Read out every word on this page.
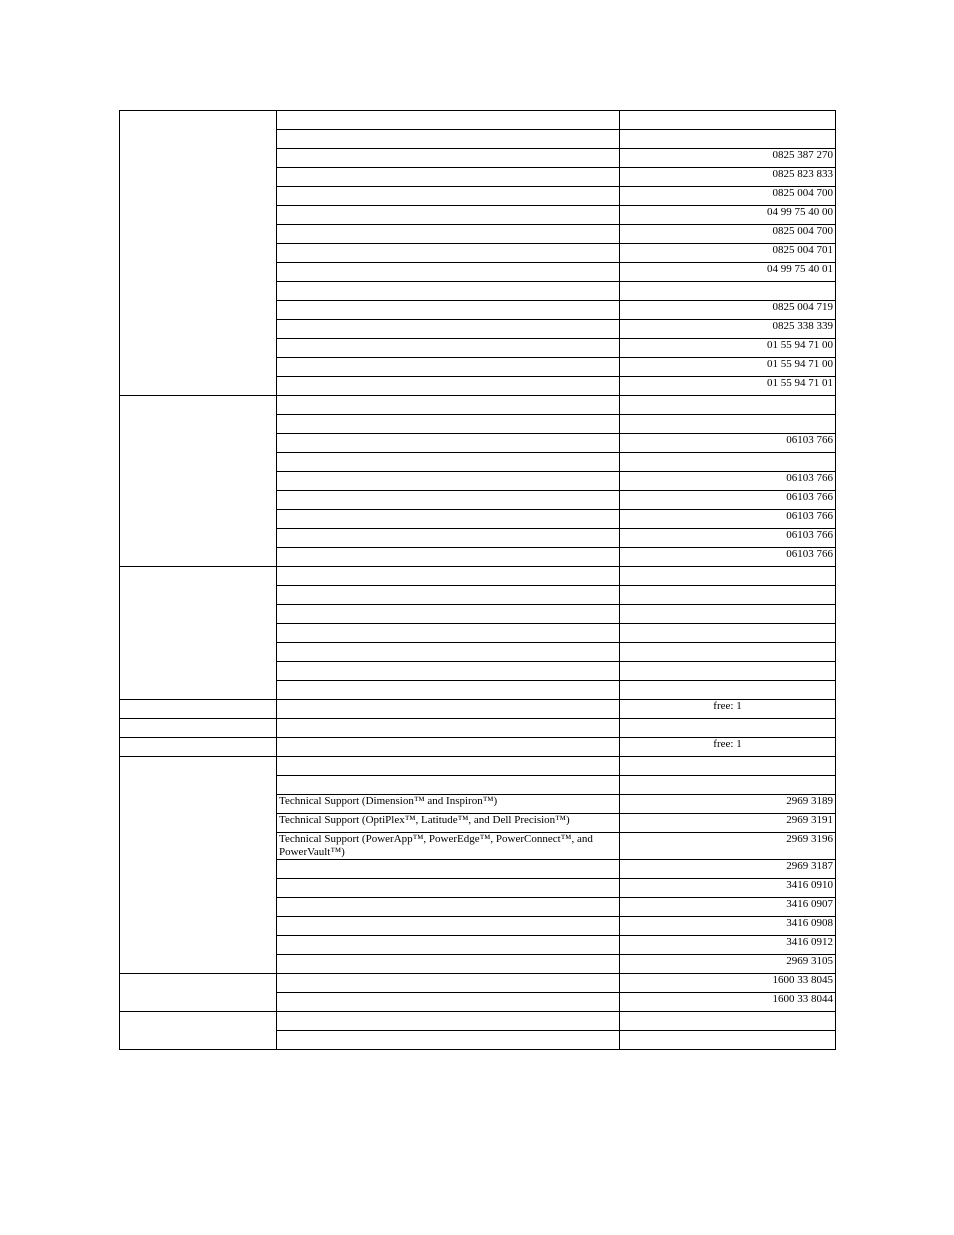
		0825 387 270
		0825 823 833
		0825 004 700
		04 99 75 40 00
		0825 004 700
		0825 004 701
		04 99 75 40 01

		0825 004 719
		0825 338 339
		01 55 94 71 00
		01 55 94 71 00
		01 55 94 71 01

		06103 766

		06103 766
		06103 766
		06103 766
		06103 766
		06103 766

		free: 1

		free: 1

	Technical Support (Dimension™ and Inspiron™)	2969 3189
	Technical Support (OptiPlex™, Latitude™, and Dell Precision™)	2969 3191
	Technical Support (PowerApp™, PowerEdge™, PowerConnect™, and PowerVault™)	2969 3196
		2969 3187
		3416 0910
		3416 0907
		3416 0908
		3416 0912
		2969 3105
		1600 33 8045
		1600 33 8044
